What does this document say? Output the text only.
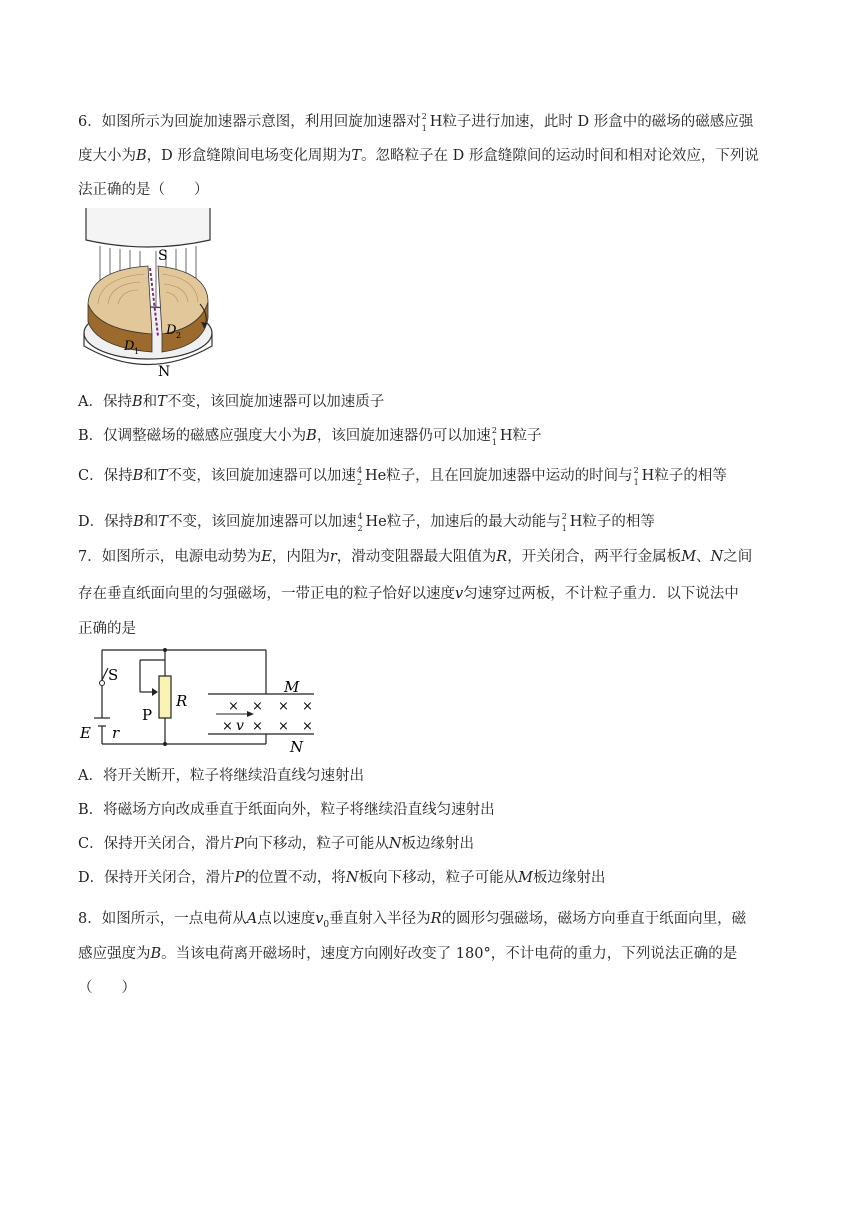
6．如图所示为回旋加速器示意图，利用回旋加速器对 2
1 H粒子进行加速，此时 D 形盒中的磁场的磁感应强
度大小为B，D 形盒缝隙间电场变化周期为T。忽略粒子在 D 形盒缝隙间的运动时间和相对论效应，下列说
法正确的是（　　）
S
D 2
D 1
N
A．保持B和T不变，该回旋加速器可以加速质子
B．仅调整磁场的磁感应强度大小为B，该回旋加速器仍可以加速 2
1 H粒子
C．保持B和T不变，该回旋加速器可以加速 4
2 He粒子，且在回旋加速器中运动的时间与 2
1 H粒子的相等
D．保持B和T不变，该回旋加速器可以加速 4
2 He粒子，加速后的最大动能与 2
1 H粒子的相等
7．如图所示，电源电动势为E，内阻为r，滑动变阻器最大阻值为R，开关闭合，两平行金属板M、N之间
存在垂直纸面向里的匀强磁场，一带正电的粒子恰好以速度v匀速穿过两板，不计粒子重力．以下说法中
正确的是
S
R
P
M
N
E r	v
× × × ×
× × × ×
A．将开关断开，粒子将继续沿直线匀速射出
B．将磁场方向改成垂直于纸面向外，粒子将继续沿直线匀速射出
C．保持开关闭合，滑片P向下移动，粒子可能从N板边缘射出
D．保持开关闭合，滑片P的位置不动，将N板向下移动，粒子可能从M板边缘射出
8．如图所示，一点电荷从A点以速度$v_0$垂直射入半径为R的圆形匀强磁场，磁场方向垂直于纸面向里，磁
感应强度为B。当该电荷离开磁场时，速度方向刚好改变了 180°，不计电荷的重力，下列说法正确的是
（　　）
